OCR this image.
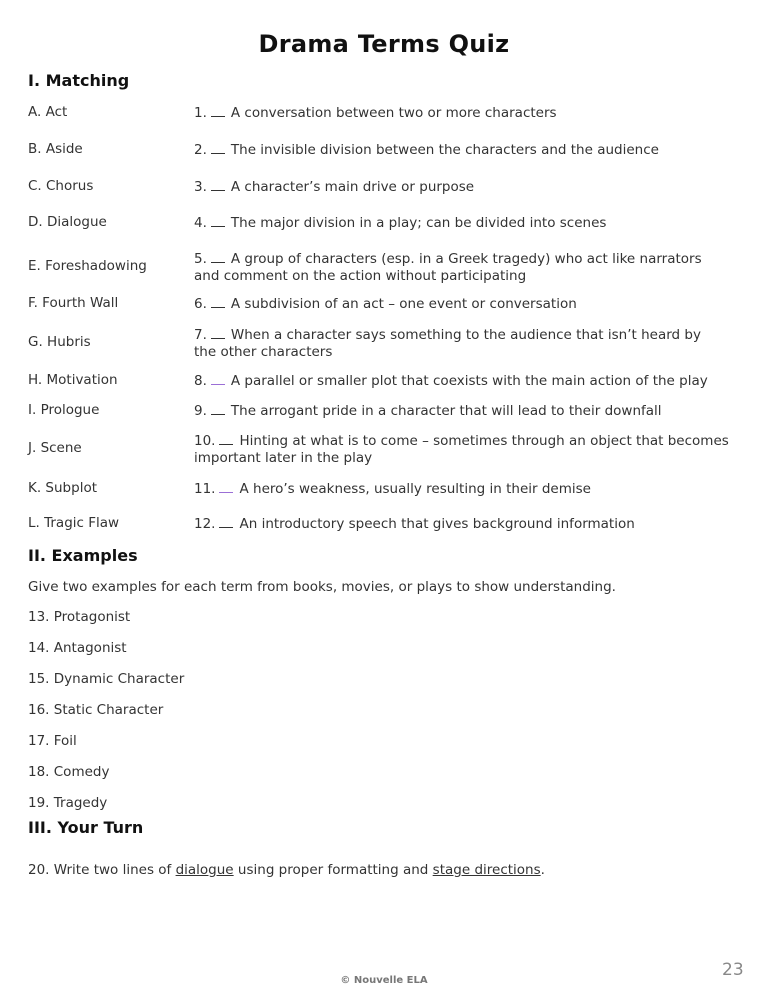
Drama Terms Quiz
I. Matching
A. Act	1. A conversation between two or more characters
B. Aside	2. The invisible division between the characters and the audience
C. Chorus	3. A character’s main drive or purpose
D. Dialogue	4. The major division in a play; can be divided into scenes
E. Foreshadowing	5. A group of characters (esp. in a Greek tragedy) who act like narrators
and comment on the action without participating
F. Fourth Wall	6. A subdivision of an act – one event or conversation
G. Hubris	7. When a character says something to the audience that isn’t heard by
the other characters
H. Motivation	8. A parallel or smaller plot that coexists with the main action of the play
I. Prologue	9. The arrogant pride in a character that will lead to their downfall
J. Scene	10. Hinting at what is to come – sometimes through an object that becomes
important later in the play
K. Subplot	11. A hero’s weakness, usually resulting in their demise
L. Tragic Flaw	12. An introductory speech that gives background information
II. Examples
Give two examples for each term from books, movies, or plays to show understanding.
13. Protagonist
14. Antagonist
15. Dynamic Character
16. Static Character
17. Foil
18. Comedy
19. Tragedy
III. Your Turn
20. Write two lines of dialogue using proper formatting and stage directions.
© Nouvelle ELA
23
